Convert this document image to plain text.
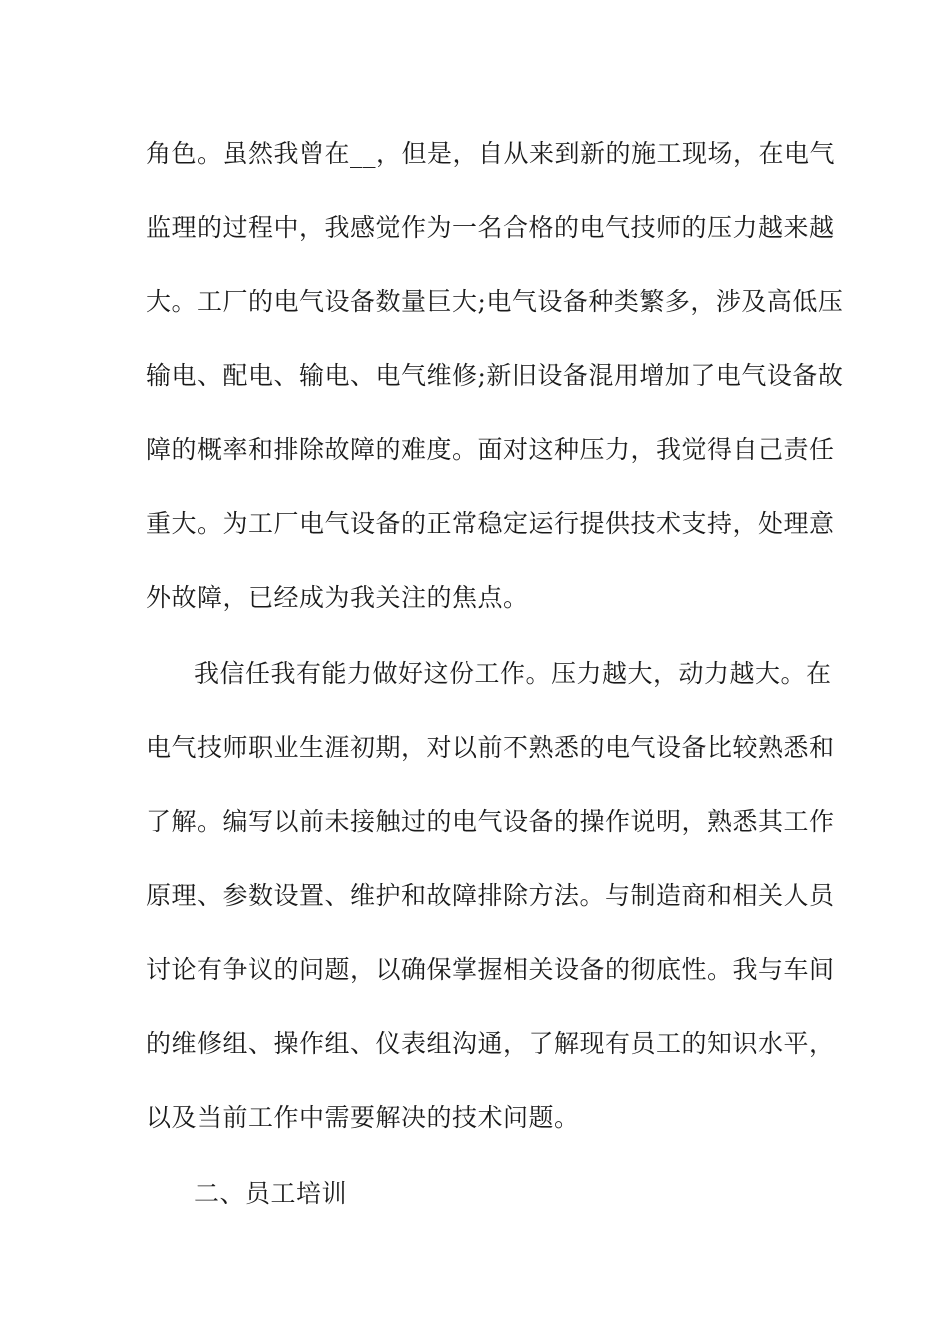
角色。虽然我曾在__，但是，自从来到新的施工现场，在电气
监理的过程中，我感觉作为一名合格的电气技师的压力越来越
大。工厂的电气设备数量巨大;电气设备种类繁多，涉及高低压
输电、配电、输电、电气维修;新旧设备混用增加了电气设备故
障的概率和排除故障的难度。面对这种压力，我觉得自己责任
重大。为工厂电气设备的正常稳定运行提供技术支持，处理意
外故障，已经成为我关注的焦点。
我信任我有能力做好这份工作。压力越大，动力越大。在
电气技师职业生涯初期，对以前不熟悉的电气设备比较熟悉和
了解。编写以前未接触过的电气设备的操作说明，熟悉其工作
原理、参数设置、维护和故障排除方法。与制造商和相关人员
讨论有争议的问题，以确保掌握相关设备的彻底性。我与车间
的维修组、操作组、仪表组沟通，了解现有员工的知识水平，
以及当前工作中需要解决的技术问题。
二、员工培训
